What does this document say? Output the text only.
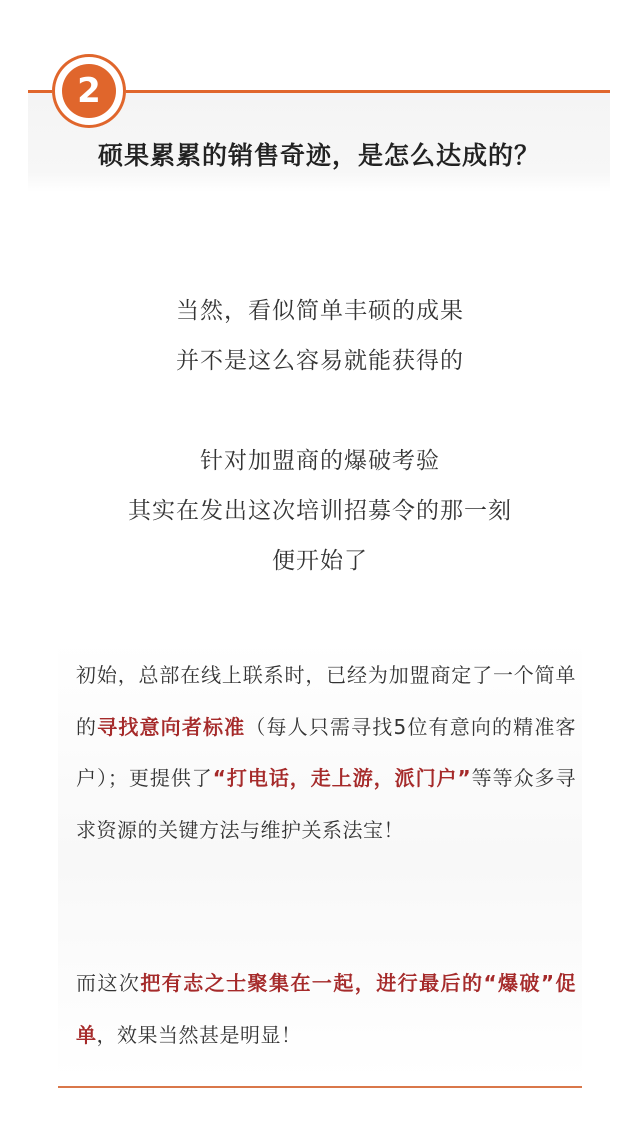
2
硕果累累的销售奇迹，是怎么达成的？
当然，看似简单丰硕的成果
并不是这么容易就能获得的
针对加盟商的爆破考验
其实在发出这次培训招募令的那一刻
便开始了
初始，总部在线上联系时，已经为加盟商定了一个简单的寻找意向者标准（每人只需寻找5位有意向的精准客户）；更提供了“打电话，走上游，派门户”等等众多寻求资源的关键方法与维护关系法宝！
而这次把有志之士聚集在一起，进行最后的“爆破”促单，效果当然甚是明显！
